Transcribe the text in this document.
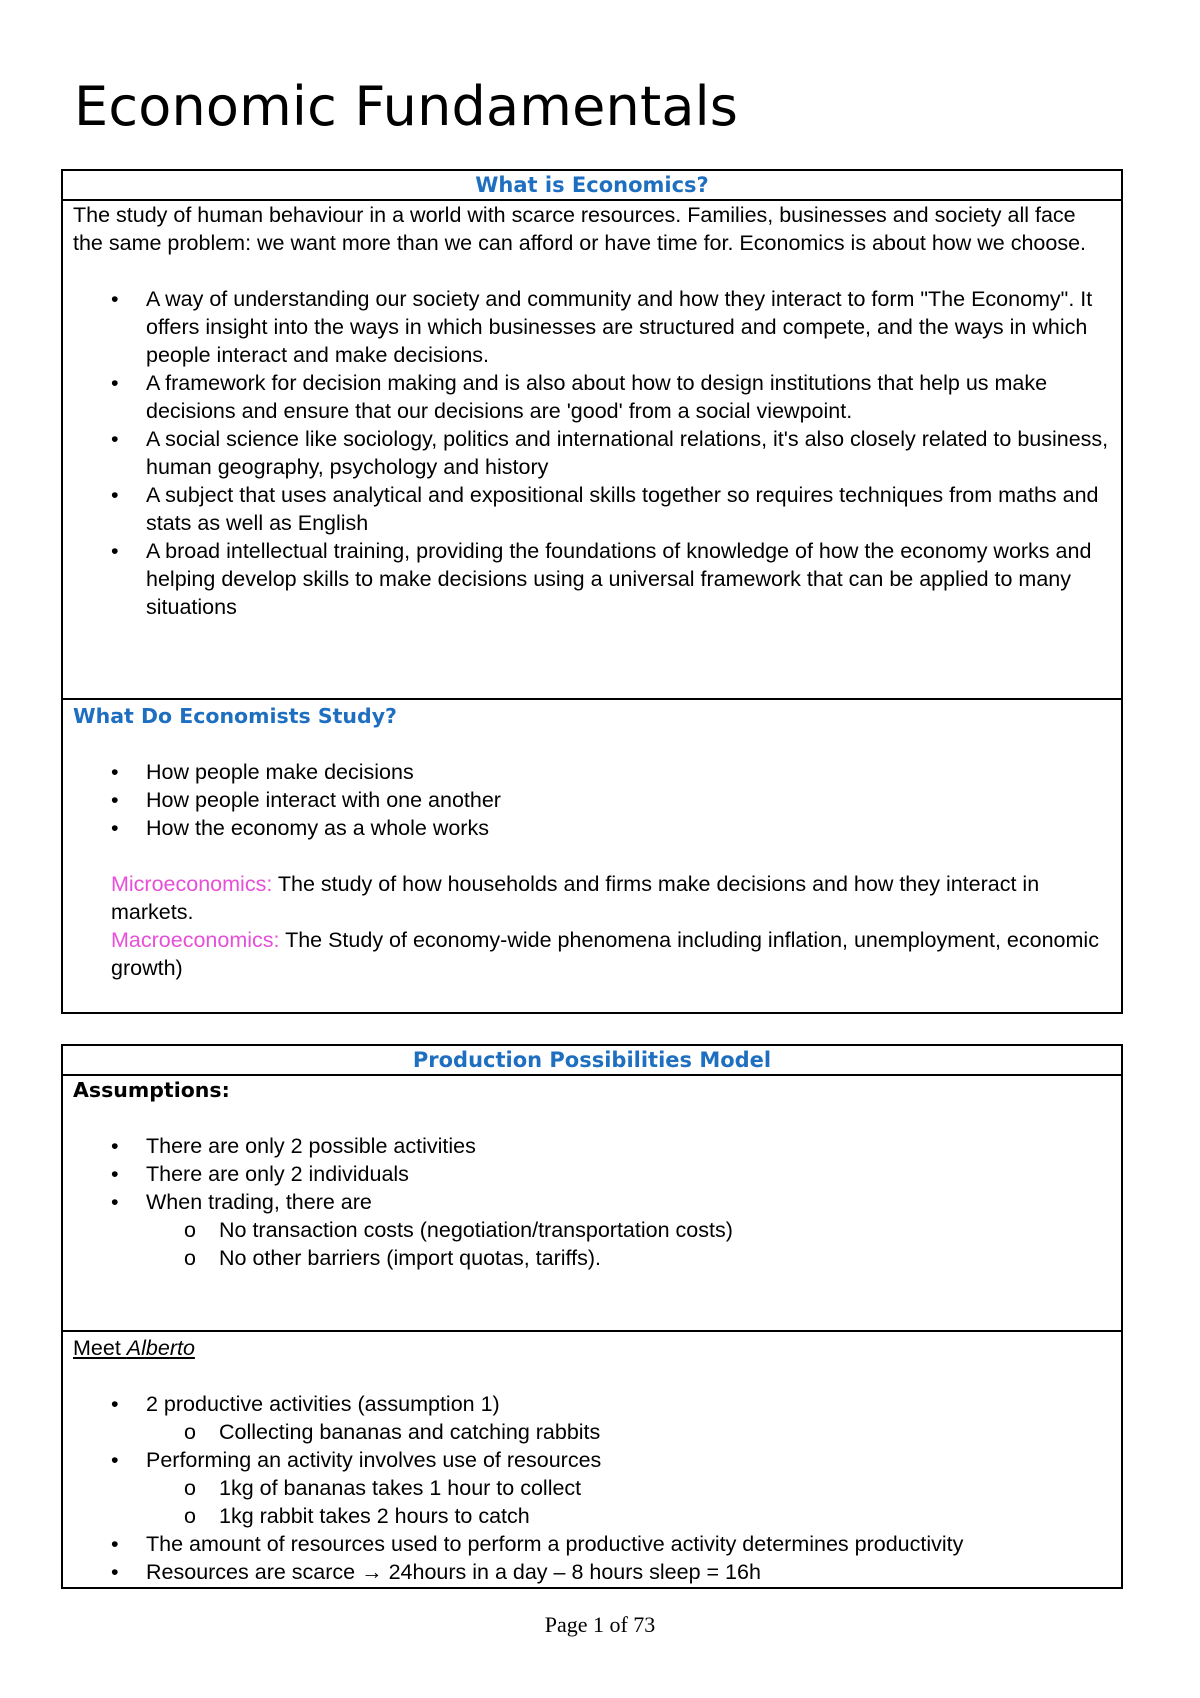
Economic Fundamentals
What is Economics?

The study of human behaviour in a world with scarce resources. Families, businesses and society all face the same problem: we want more than we can afford or have time for. Economics is about how we choose.

• A way of understanding our society and community and how they interact to form "The Economy". It offers insight into the ways in which businesses are structured and compete, and the ways in which people interact and make decisions.
• A framework for decision making and is also about how to design institutions that help us make decisions and ensure that our decisions are 'good' from a social viewpoint.
• A social science like sociology, politics and international relations, it's also closely related to business, human geography, psychology and history
• A subject that uses analytical and expositional skills together so requires techniques from maths and stats as well as English
• A broad intellectual training, providing the foundations of knowledge of how the economy works and helping develop skills to make decisions using a universal framework that can be applied to many situations

What Do Economists Study?

• How people make decisions
• How people interact with one another
• How the economy as a whole works

Microeconomics: The study of how households and firms make decisions and how they interact in markets.

Macroeconomics: The Study of economy-wide phenomena including inflation, unemployment, economic growth)

Production Possibilities Model

Assumptions:

• There are only 2 possible activities
• There are only 2 individuals
• When trading, there are
o No transaction costs (negotiation/transportation costs)
o No other barriers (import quotas, tariffs).

Meet Alberto

• 2 productive activities (assumption 1)
o Collecting bananas and catching rabbits
• Performing an activity involves use of resources
o 1kg of bananas takes 1 hour to collect
o 1kg rabbit takes 2 hours to catch
• The amount of resources used to perform a productive activity determines productivity
• Resources are scarce → 24hours in a day – 8 hours sleep = 16h
Page 1 of 73
